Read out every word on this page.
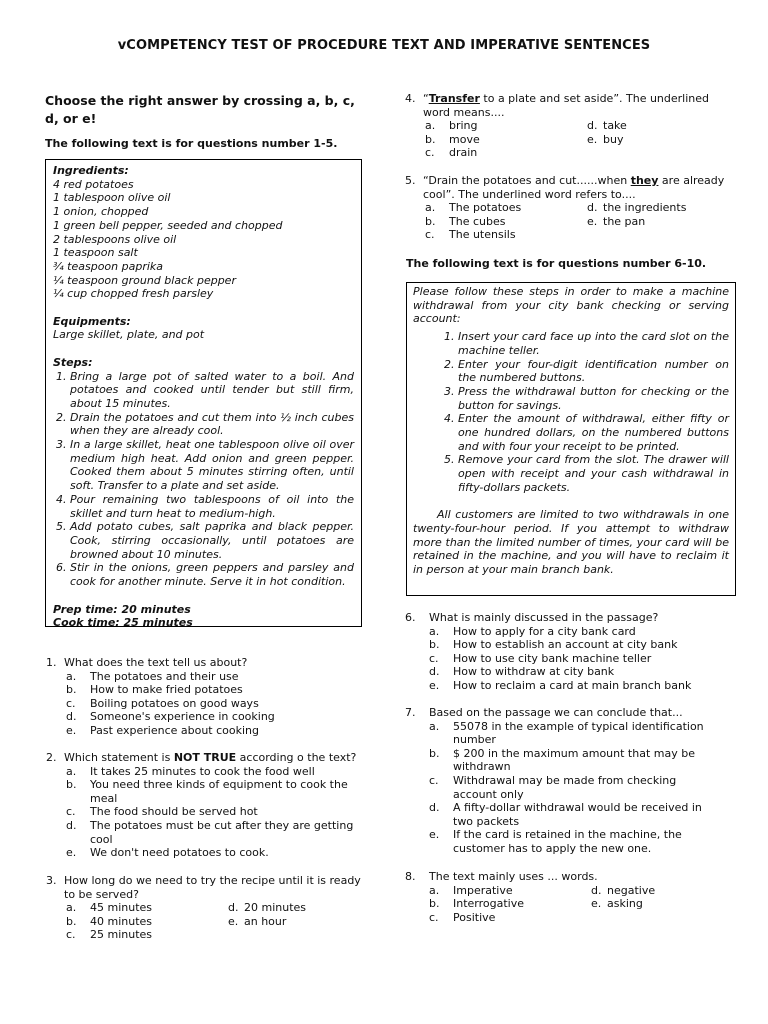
vCOMPETENCY TEST OF PROCEDURE TEXT AND IMPERATIVE SENTENCES
Choose the right answer by crossing a, b, c, d, or e!
The following text is for questions number 1-5.

Ingredients:

4 red potatoes

1 tablespoon olive oil

1 onion, chopped

1 green bell pepper, seeded and chopped

2 tablespoons olive oil

1 teaspoon salt

¾ teaspoon paprika

¼ teaspoon ground black pepper

¼ cup chopped fresh parsley

Equipments:

Large skillet, plate, and pot

Steps:

1. Bring a large pot of salted water to a boil. And potatoes and cooked until tender but still firm, about 15 minutes.
2. Drain the potatoes and cut them into ½ inch cubes when they are already cool.
3. In a large skillet, heat one tablespoon olive oil over medium high heat. Add onion and green pepper. Cooked them about 5 minutes stirring often, until soft. Transfer to a plate and set aside.
4. Pour remaining two tablespoons of oil into the skillet and turn heat to medium-high.
5. Add potato cubes, salt paprika and black pepper. Cook, stirring occasionally, until potatoes are browned about 10 minutes.
6. Stir in the onions, green peppers and parsley and cook for another minute. Serve it in hot condition.

Prep time: 20 minutes

Cook time: 25 minutes

1. What does the text tell us about?
a.	The potatoes and their use
b.	How to make fried potatoes
c.	Boiling potatoes on good ways
d.	Someone's experience in cooking
e.	Past experience about cooking
2. Which statement is NOT TRUE according o the text?
a.	It takes 25 minutes to cook the food well
b.	You need three kinds of equipment to cook the meal
c.	The food should be served hot
d.	The potatoes must be cut after they are getting cool
e.	We don't need potatoes to cook.
3. How long do we need to try the recipe until it is ready to be served?
a.	45 minutes	d. 20 minutes
b.	40 minutes	e. an hour
c.	25 minutes
4. “Transfer to a plate and set aside”. The underlined word means....
a.	bring	d. take
b.	move	e. buy
c.	drain
5. “Drain the potatoes and cut......when they are already cool”. The underlined word refers to....
a.	The potatoes	d. the ingredients
b.	The cubes	e. the pan
c.	The utensils
The following text is for questions number 6-10.

Please follow these steps in order to make a machine withdrawal from your city bank checking or serving account:

1. Insert your card face up into the card slot on the machine teller.
2. Enter your four-digit identification number on the numbered buttons.
3. Press the withdrawal button for checking or the button for savings.
4. Enter the amount of withdrawal, either fifty or one hundred dollars, on the numbered buttons and with four your receipt to be printed.
5. Remove your card from the slot. The drawer will open with receipt and your cash withdrawal in fifty-dollars packets.

All customers are limited to two withdrawals in one twenty-four-hour period. If you attempt to withdraw more than the limited number of times, your card will be retained in the machine, and you will have to reclaim it in person at your main branch bank.

6.	What is mainly discussed in the passage?
a.	How to apply for a city bank card
b.	How to establish an account at city bank
c.	How to use city bank machine teller
d.	How to withdraw at city bank
e.	How to reclaim a card at main branch bank
7.	Based on the passage we can conclude that...
a.	55078 in the example of typical identification number
b.	$ 200 in the maximum amount that may be withdrawn
c.	Withdrawal may be made from checking account only
d.	A fifty-dollar withdrawal would be received in two packets
e.	If the card is retained in the machine, the customer has to apply the new one.
8.	The text mainly uses ... words.
a.	Imperative	d. negative
b.	Interrogative	e. asking
c.	Positive
